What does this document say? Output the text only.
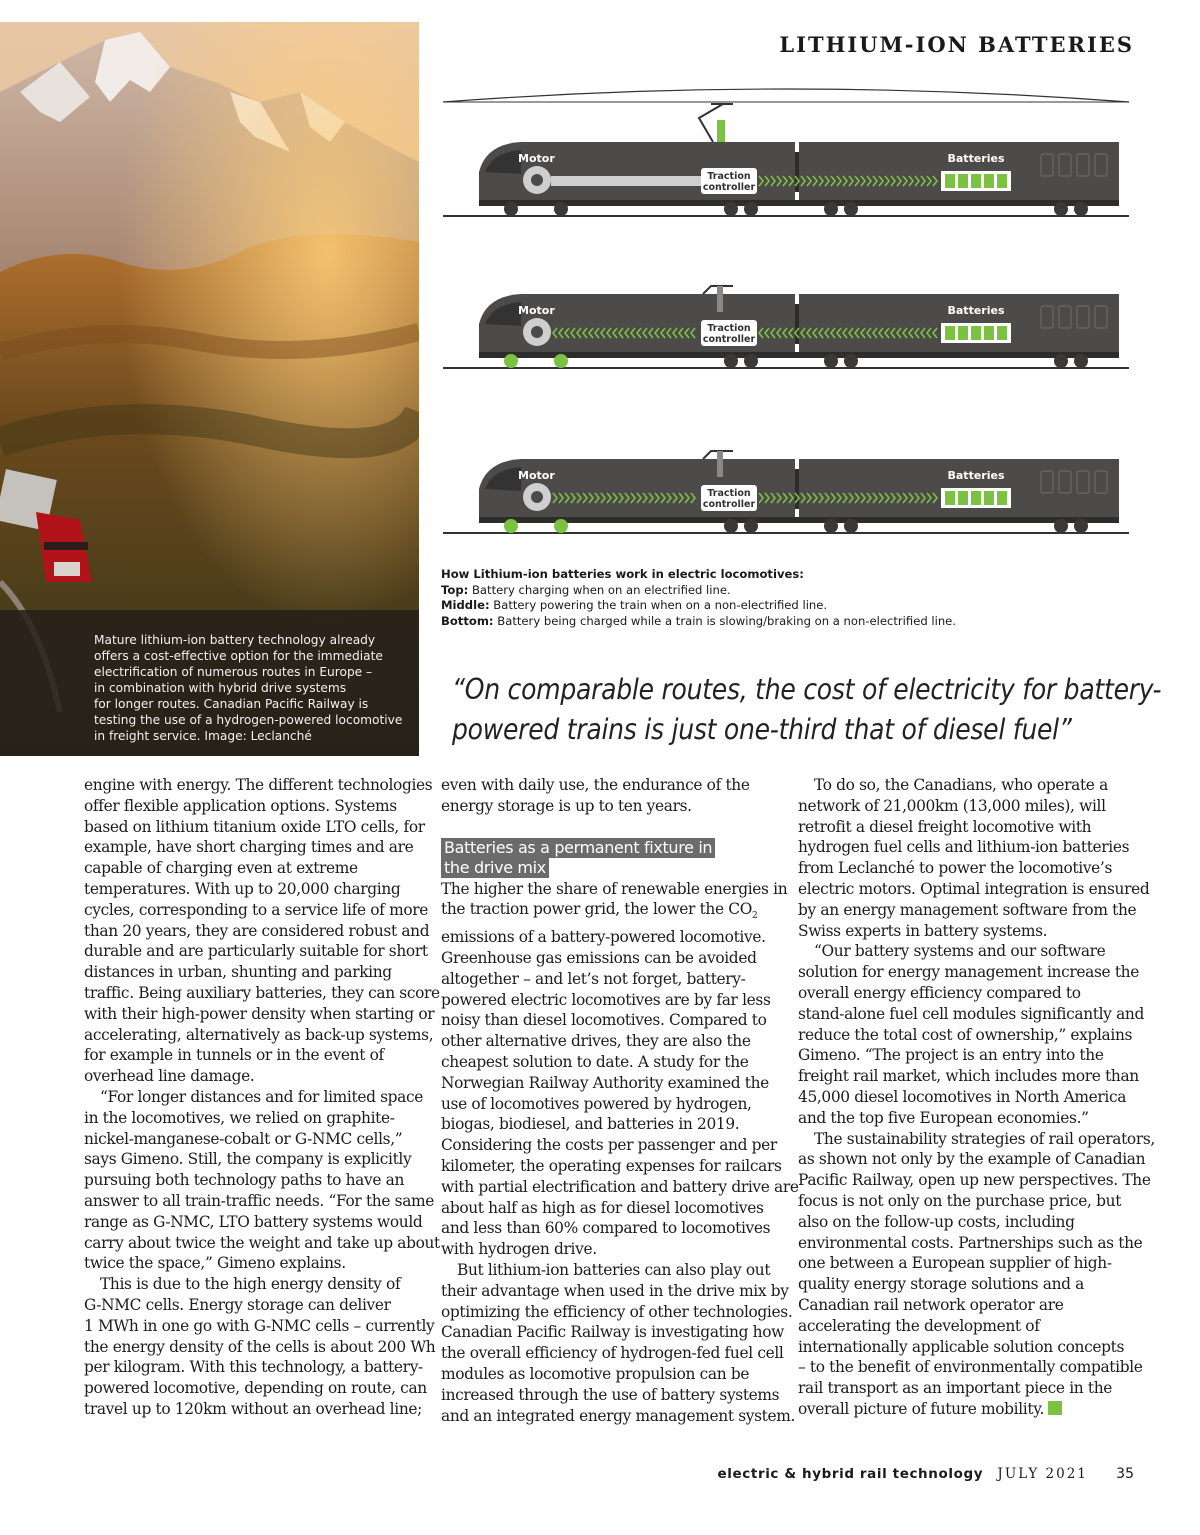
LITHIUM-ION BATTERIES

Mature lithium-ion battery technology already
offers a cost-effective option for the immediate
electrification of numerous routes in Europe –
in combination with hybrid drive systems
for longer routes. Canadian Pacific Railway is
testing the use of a hydrogen-powered locomotive
in freight service. Image: Leclanché

Motor
Traction
controller
Batteries
Motor
Traction
controller
Batteries
Motor
Traction
controller
Batteries
How Lithium-ion batteries work in electric locomotives:
Top: Battery charging when on an electrified line.
Middle: Battery powering the train when on a non-electrified line.
Bottom: Battery being charged while a train is slowing/braking on a non-electrified line.
“On comparable routes, the cost of electricity for battery-
powered trains is just one-third that of diesel fuel”
engine with energy. The different technologies
offer flexible application options. Systems
based on lithium titanium oxide LTO cells, for
example, have short charging times and are
capable of charging even at extreme
temperatures. With up to 20,000 charging
cycles, corresponding to a service life of more
than 20 years, they are considered robust and
durable and are particularly suitable for short
distances in urban, shunting and parking
traffic. Being auxiliary batteries, they can score
with their high-power density when starting or
accelerating, alternatively as back-up systems,
for example in tunnels or in the event of
overhead line damage.
“For longer distances and for limited space
in the locomotives, we relied on graphite-
nickel-manganese-cobalt or G-NMC cells,”
says Gimeno. Still, the company is explicitly
pursuing both technology paths to have an
answer to all train-traffic needs. “For the same
range as G-NMC, LTO battery systems would
carry about twice the weight and take up about
twice the space,” Gimeno explains.
This is due to the high energy density of
G-NMC cells. Energy storage can deliver
1 MWh in one go with G-NMC cells – currently
the energy density of the cells is about 200 Wh
per kilogram. With this technology, a battery-
powered locomotive, depending on route, can
travel up to 120km without an overhead line;
even with daily use, the endurance of the
energy storage is up to ten years.
Batteries as a permanent fixture in
the drive mix
The higher the share of renewable energies in
the traction power grid, the lower the $CO_2$
emissions of a battery-powered locomotive.
Greenhouse gas emissions can be avoided
altogether – and let’s not forget, battery-
powered electric locomotives are by far less
noisy than diesel locomotives. Compared to
other alternative drives, they are also the
cheapest solution to date. A study for the
Norwegian Railway Authority examined the
use of locomotives powered by hydrogen,
biogas, biodiesel, and batteries in 2019.
Considering the costs per passenger and per
kilometer, the operating expenses for railcars
with partial electrification and battery drive are
about half as high as for diesel locomotives
and less than 60% compared to locomotives
with hydrogen drive.
But lithium-ion batteries can also play out
their advantage when used in the drive mix by
optimizing the efficiency of other technologies.
Canadian Pacific Railway is investigating how
the overall efficiency of hydrogen-fed fuel cell
modules as locomotive propulsion can be
increased through the use of battery systems
and an integrated energy management system.
To do so, the Canadians, who operate a
network of 21,000km (13,000 miles), will
retrofit a diesel freight locomotive with
hydrogen fuel cells and lithium-ion batteries
from Leclanché to power the locomotive’s
electric motors. Optimal integration is ensured
by an energy management software from the
Swiss experts in battery systems.
“Our battery systems and our software
solution for energy management increase the
overall energy efficiency compared to
stand-alone fuel cell modules significantly and
reduce the total cost of ownership,” explains
Gimeno. “The project is an entry into the
freight rail market, which includes more than
45,000 diesel locomotives in North America
and the top five European economies.”
The sustainability strategies of rail operators,
as shown not only by the example of Canadian
Pacific Railway, open up new perspectives. The
focus is not only on the purchase price, but
also on the follow-up costs, including
environmental costs. Partnerships such as the
one between a European supplier of high-
quality energy storage solutions and a
Canadian rail network operator are
accelerating the development of
internationally applicable solution concepts
– to the benefit of environmentally compatible
rail transport as an important piece in the
overall picture of future mobility.
electric & hybrid rail technology JULY 2021 35
